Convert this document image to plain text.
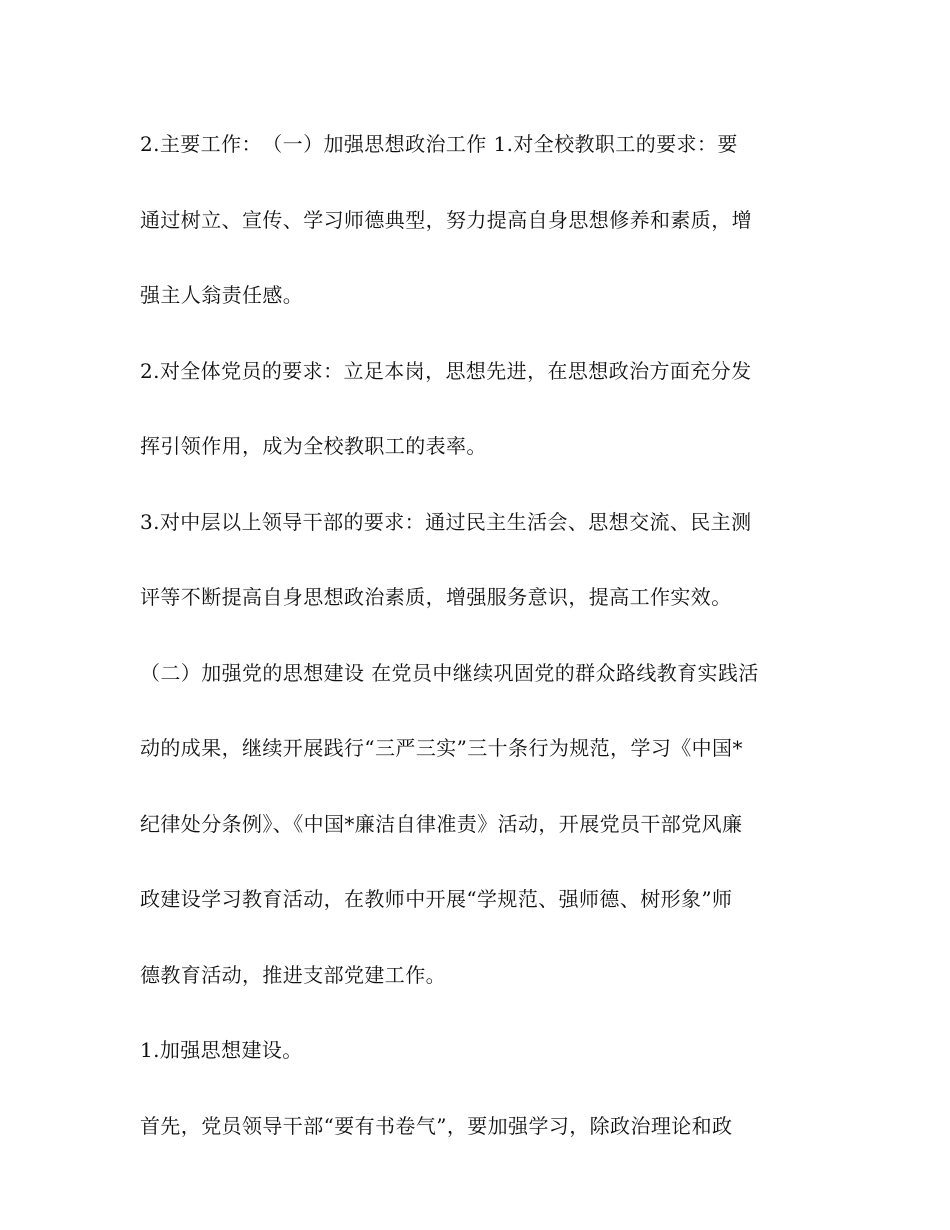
2.主要工作：　（一）加强思想政治工作 1.对全校教职工的要求：要
通过树立、宣传、学习师德典型，努力提高自身思想修养和素质，增
强主人翁责任感。
2.对全体党员的要求：立足本岗，思想先进，在思想政治方面充分发
挥引领作用，成为全校教职工的表率。
3.对中层以上领导干部的要求：通过民主生活会、思想交流、民主测
评等不断提高自身思想政治素质，增强服务意识，提高工作实效。
（二）加强党的思想建设 在党员中继续巩固党的群众路线教育实践活
动的成果，继续开展践行“三严三实”三十条行为规范，学习《中国*
纪律处分条例》、《中国*廉洁自律准责》活动，开展党员干部党风廉
政建设学习教育活动，在教师中开展“学规范、强师德、树形象”师
德教育活动，推进支部党建工作。
1.加强思想建设。
首先，党员领导干部“要有书卷气”，要加强学习，除政治理论和政
